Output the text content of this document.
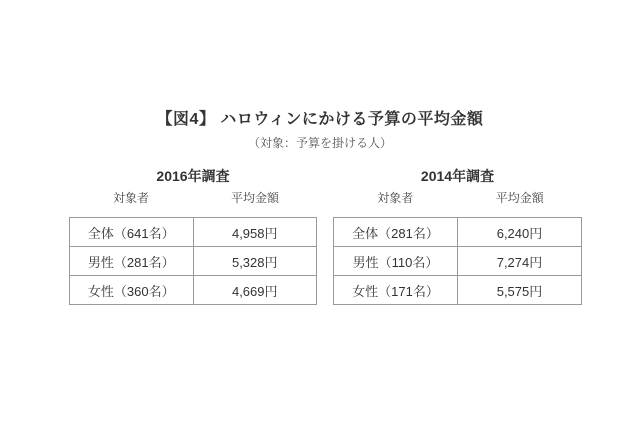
【図4】 ハロウィンにかける予算の平均金額
（対象：予算を掛ける人）
2016年調査
対象者	平均金額
全体（641名）	4,958円
男性（281名）	5,328円
女性（360名）	4,669円
2014年調査
対象者	平均金額
全体（281名）	6,240円
男性（110名）	7,274円
女性（171名）	5,575円
